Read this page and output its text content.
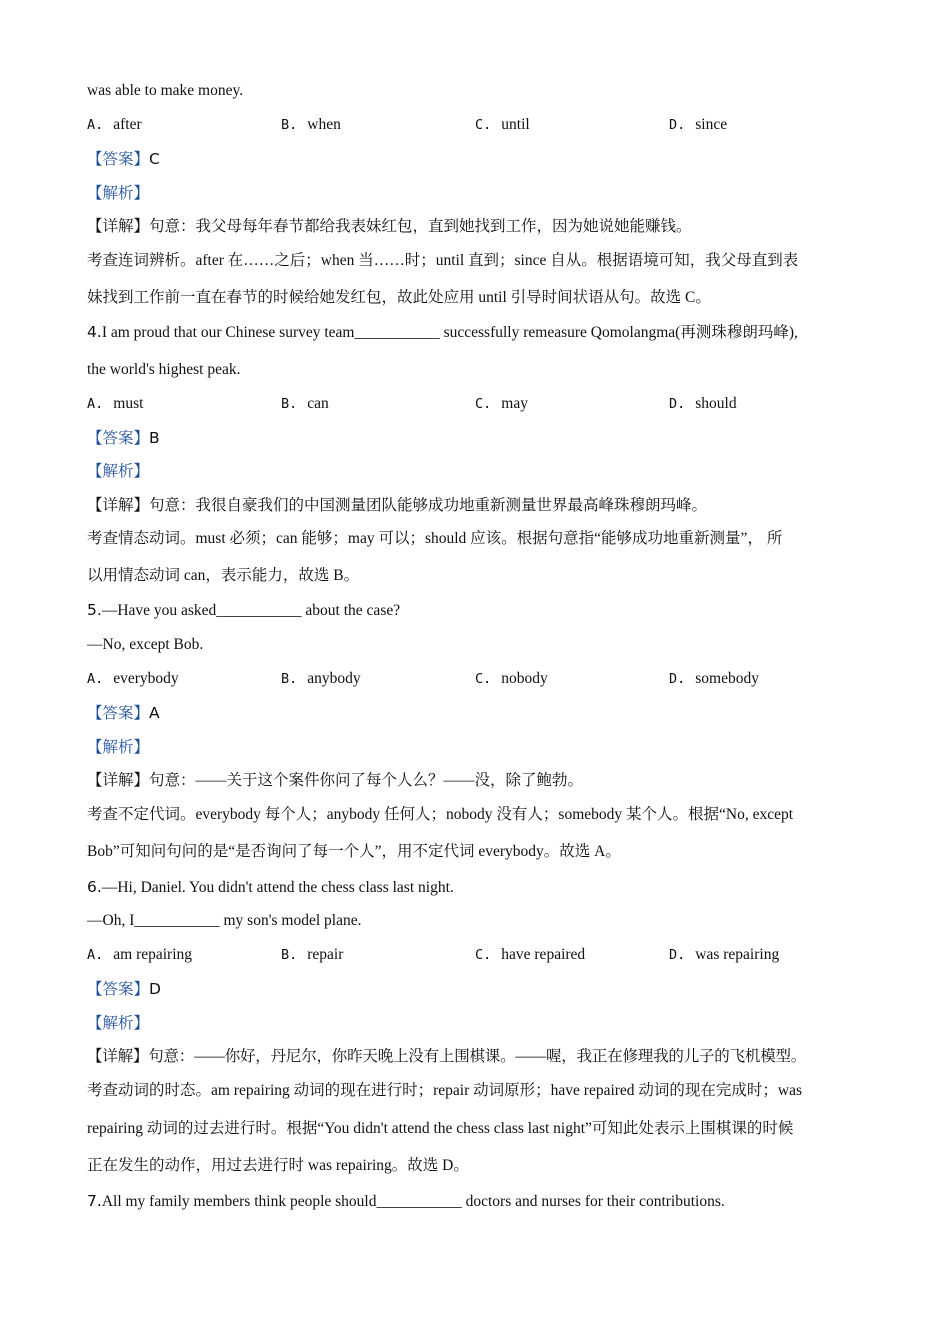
was able to make money.
A. after	B. when	C. until	D. since
【答案】C
【解析】
【详解】句意：我父母每年春节都给我表妹红包，直到她找到工作，因为她说她能赚钱。
考查连词辨析。after 在……之后；when 当……时；until 直到；since 自从。根据语境可知，我父母直到表
妹找到工作前一直在春节的时候给她发红包，故此处应用 until 引导时间状语从句。故选 C。
4.I am proud that our Chinese survey team___________ successfully remeasure Qomolangma(再测珠穆朗玛峰),
the world's highest peak.
A. must	B. can	C. may	D. should
【答案】B
【解析】
【详解】句意：我很自豪我们的中国测量团队能够成功地重新测量世界最高峰珠穆朗玛峰。
考查情态动词。must 必须；can 能够；may 可以；should 应该。根据句意指“能够成功地重新测量”， 所
以用情态动词 can，表示能力，故选 B。
5.—Have you asked___________ about the case?
—No, except Bob.
A. everybody	B. anybody	C. nobody	D. somebody
【答案】A
【解析】
【详解】句意：——关于这个案件你问了每个人么？——没，除了鲍勃。
考查不定代词。everybody 每个人；anybody 任何人；nobody 没有人；somebody 某个人。根据“No, except
Bob”可知问句问的是“是否询问了每一个人”，用不定代词 everybody。故选 A。
6.—Hi, Daniel. You didn't attend the chess class last night.
—Oh, I___________ my son's model plane.
A. am repairing	B. repair	C. have repaired	D. was repairing
【答案】D
【解析】
【详解】句意：——你好，丹尼尔，你昨天晚上没有上围棋课。——喔，我正在修理我的儿子的飞机模型。
考查动词的时态。am repairing 动词的现在进行时；repair 动词原形；have repaired 动词的现在完成时；was
repairing 动词的过去进行时。根据“You didn't attend the chess class last night”可知此处表示上围棋课的时候
正在发生的动作，用过去进行时 was repairing。故选 D。
7.All my family members think people should___________ doctors and nurses for their contributions.
